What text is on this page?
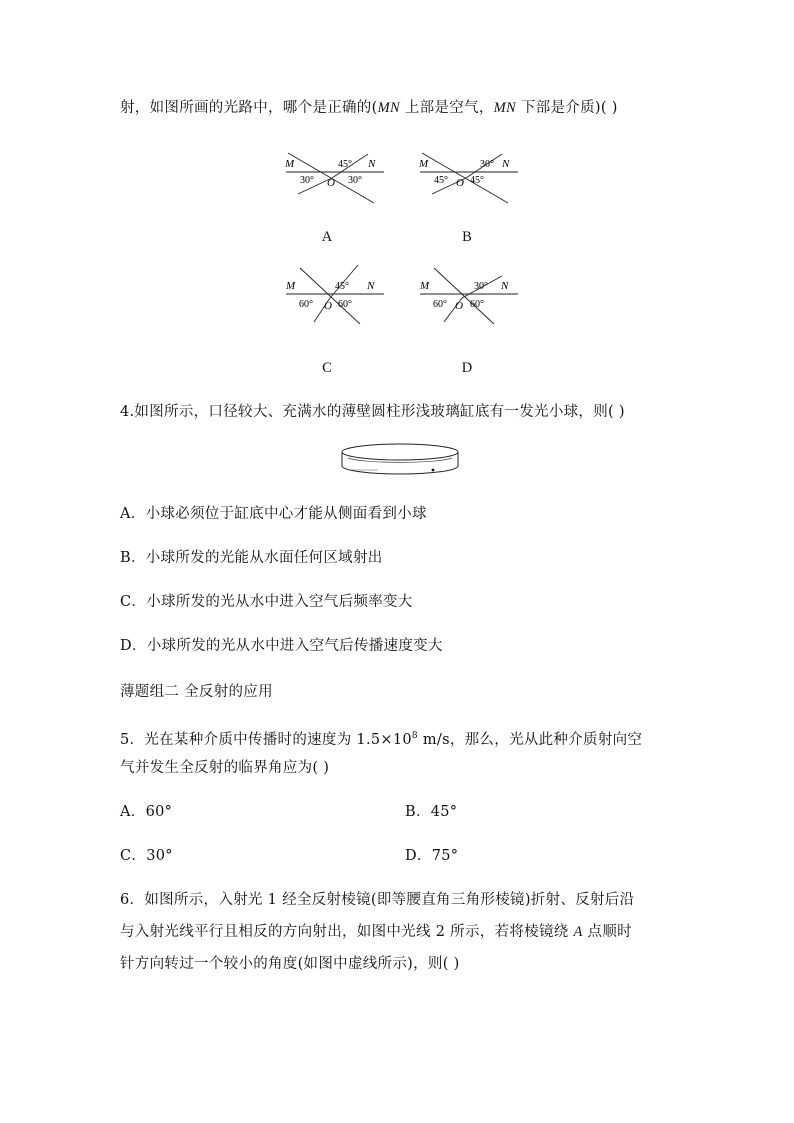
射，如图所画的光路中，哪个是正确的(MN 上部是空气，MN 下部是介质)( )
M	N
O
45°
30°	30°
A
M	N
O
30°
45° 45°
B
M	N
O
45°
60°	60°
C
M	N
O
30°
60° 60°
D
4.如图所示，口径较大、充满水的薄壁圆柱形浅玻璃缸底有一发光小球，则( )
A．小球必须位于缸底中心才能从侧面看到小球
B．小球所发的光能从水面任何区域射出
C．小球所发的光从水中进入空气后频率变大
D．小球所发的光从水中进入空气后传播速度变大
薄题组二 全反射的应用
5．光在某种介质中传播时的速度为 $1.5\times 10^8$ m/s，那么，光从此种介质射向空
气并发生全反射的临界角应为( )
A．60°	B．45°
C．30°	D．75°
6．如图所示，入射光 1 经全反射棱镜(即等腰直角三角形棱镜)折射、反射后沿
与入射光线平行且相反的方向射出，如图中光线 2 所示，若将棱镜绕 A 点顺时
针方向转过一个较小的角度(如图中虚线所示)，则( )
